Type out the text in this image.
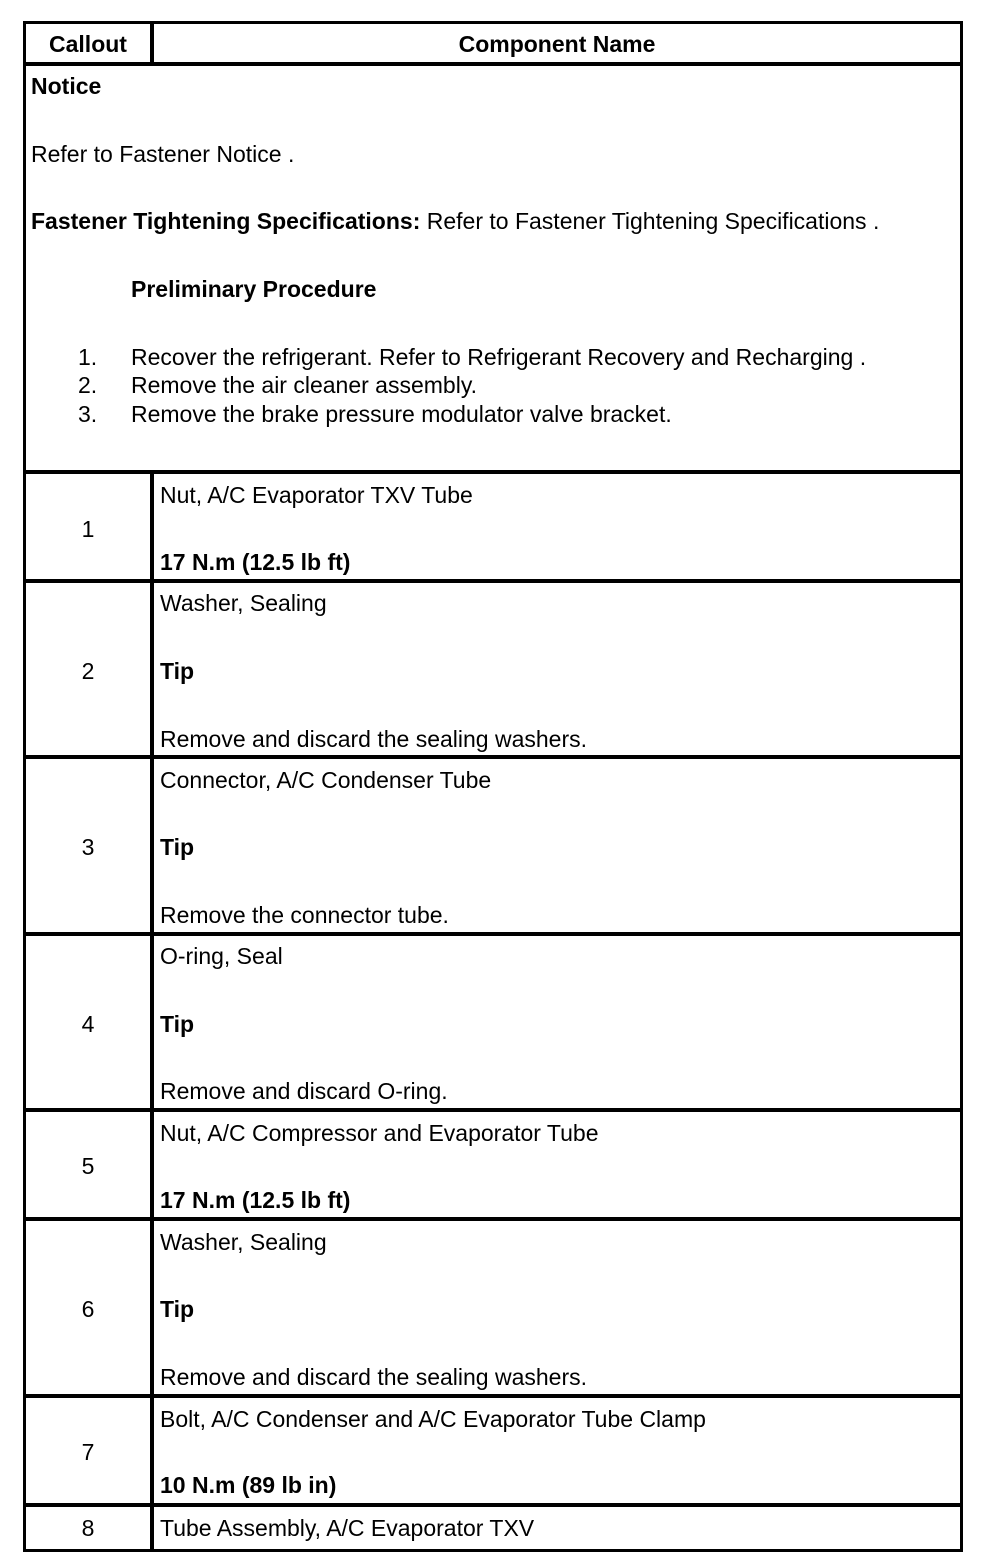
Callout	Component Name
Notice
Refer to Fastener Notice .
Fastener Tightening Specifications: Refer to Fastener Tightening Specifications .
Preliminary Procedure
1. Recover the refrigerant. Refer to Refrigerant Recovery and Recharging .
2. Remove the air cleaner assembly.
3. Remove the brake pressure modulator valve bracket.
1
Nut, A/C Evaporator TXV Tube
17 N.m (12.5 lb ft)
2
Washer, Sealing
Tip
Remove and discard the sealing washers.
3
Connector, A/C Condenser Tube
Tip
Remove the connector tube.
4
O-ring, Seal
Tip
Remove and discard O-ring.
5
Nut, A/C Compressor and Evaporator Tube
17 N.m (12.5 lb ft)
6
Washer, Sealing
Tip
Remove and discard the sealing washers.
7
Bolt, A/C Condenser and A/C Evaporator Tube Clamp
10 N.m (89 lb in)
8	Tube Assembly, A/C Evaporator TXV
